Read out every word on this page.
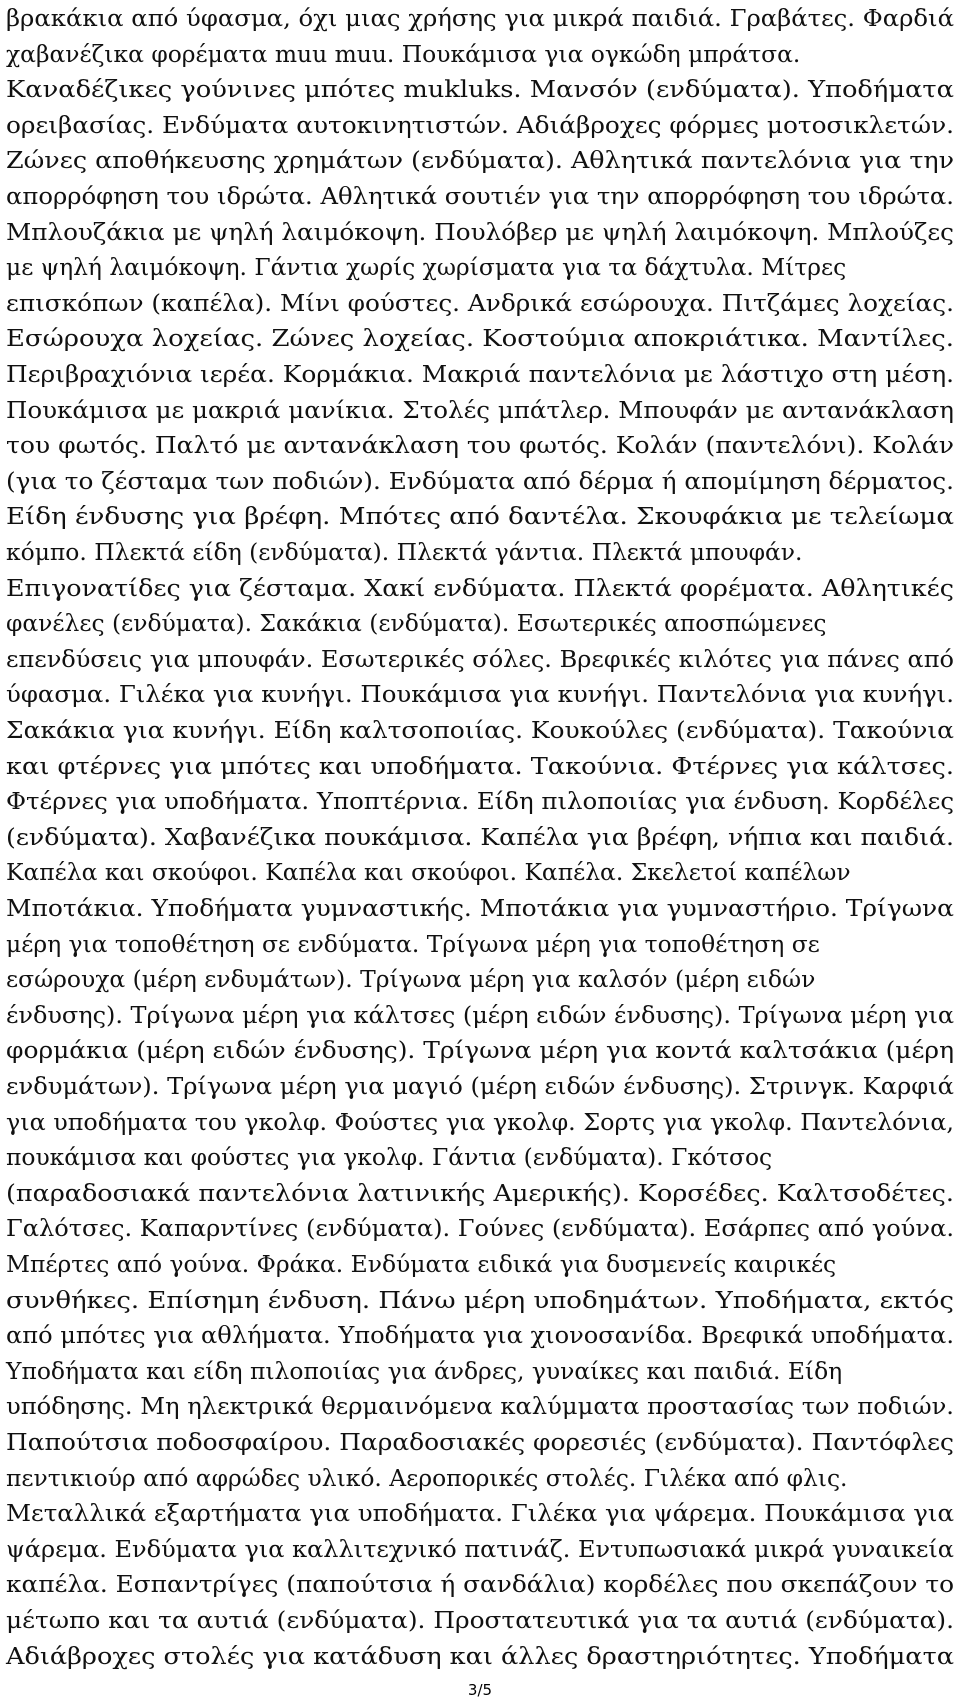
βρακάκια από ύφασμα, όχι μιας χρήσης για μικρά παιδιά. Γραβάτες. Φαρδιά
χαβανέζικα φορέματα muu muu. Πουκάμισα για ογκώδη μπράτσα.
Καναδέζικες γούνινες μπότες mukluks. Μανσόν (ενδύματα). Υποδήματα
ορειβασίας. Ενδύματα αυτοκινητιστών. Αδιάβροχες φόρμες μοτοσικλετών.
Ζώνες αποθήκευσης χρημάτων (ενδύματα). Αθλητικά παντελόνια για την
απορρόφηση του ιδρώτα. Αθλητικά σουτιέν για την απορρόφηση του ιδρώτα.
Μπλουζάκια με ψηλή λαιμόκοψη. Πουλόβερ με ψηλή λαιμόκοψη. Μπλούζες
με ψηλή λαιμόκοψη. Γάντια χωρίς χωρίσματα για τα δάχτυλα. Μίτρες
επισκόπων (καπέλα). Μίνι φούστες. Ανδρικά εσώρουχα. Πιτζάμες λοχείας.
Εσώρουχα λοχείας. Ζώνες λοχείας. Κοστούμια αποκριάτικα. Μαντίλες.
Περιβραχιόνια ιερέα. Κορμάκια. Μακριά παντελόνια με λάστιχο στη μέση.
Πουκάμισα με μακριά μανίκια. Στολές μπάτλερ. Μπουφάν με αντανάκλαση
του φωτός. Παλτό με αντανάκλαση του φωτός. Κολάν (παντελόνι). Κολάν
(για το ζέσταμα των ποδιών). Ενδύματα από δέρμα ή απομίμηση δέρματος.
Είδη ένδυσης για βρέφη. Μπότες από δαντέλα. Σκουφάκια με τελείωμα
κόμπο. Πλεκτά είδη (ενδύματα). Πλεκτά γάντια. Πλεκτά μπουφάν.
Επιγονατίδες για ζέσταμα. Χακί ενδύματα. Πλεκτά φορέματα. Αθλητικές
φανέλες (ενδύματα). Σακάκια (ενδύματα). Εσωτερικές αποσπώμενες
επενδύσεις για μπουφάν. Εσωτερικές σόλες. Βρεφικές κιλότες για πάνες από
ύφασμα. Γιλέκα για κυνήγι. Πουκάμισα για κυνήγι. Παντελόνια για κυνήγι.
Σακάκια για κυνήγι. Είδη καλτσοποιίας. Κουκούλες (ενδύματα). Τακούνια
και φτέρνες για μπότες και υποδήματα. Τακούνια. Φτέρνες για κάλτσες.
Φτέρνες για υποδήματα. Υποπτέρνια. Είδη πιλοποιίας για ένδυση. Κορδέλες
(ενδύματα). Χαβανέζικα πουκάμισα. Καπέλα για βρέφη, νήπια και παιδιά.
Καπέλα και σκούφοι. Καπέλα και σκούφοι. Καπέλα. Σκελετοί καπέλων
Μποτάκια. Υποδήματα γυμναστικής. Μποτάκια για γυμναστήριο. Τρίγωνα
μέρη για τοποθέτηση σε ενδύματα. Τρίγωνα μέρη για τοποθέτηση σε
εσώρουχα (μέρη ενδυμάτων). Τρίγωνα μέρη για καλσόν (μέρη ειδών
ένδυσης). Τρίγωνα μέρη για κάλτσες (μέρη ειδών ένδυσης). Τρίγωνα μέρη για
φορμάκια (μέρη ειδών ένδυσης). Τρίγωνα μέρη για κοντά καλτσάκια (μέρη
ενδυμάτων). Τρίγωνα μέρη για μαγιό (μέρη ειδών ένδυσης). Στρινγκ. Καρφιά
για υποδήματα του γκολφ. Φούστες για γκολφ. Σορτς για γκολφ. Παντελόνια,
πουκάμισα και φούστες για γκολφ. Γάντια (ενδύματα). Γκότσος
(παραδοσιακά παντελόνια λατινικής Αμερικής). Κορσέδες. Καλτσοδέτες.
Γαλότσες. Καπαρντίνες (ενδύματα). Γούνες (ενδύματα). Εσάρπες από γούνα.
Μπέρτες από γούνα. Φράκα. Ενδύματα ειδικά για δυσμενείς καιρικές
συνθήκες. Επίσημη ένδυση. Πάνω μέρη υποδημάτων. Υποδήματα, εκτός
από μπότες για αθλήματα. Υποδήματα για χιονοσανίδα. Βρεφικά υποδήματα.
Υποδήματα και είδη πιλοποιίας για άνδρες, γυναίκες και παιδιά. Είδη
υπόδησης. Μη ηλεκτρικά θερμαινόμενα καλύμματα προστασίας των ποδιών.
Παπούτσια ποδοσφαίρου. Παραδοσιακές φορεσιές (ενδύματα). Παντόφλες
πεντικιούρ από αφρώδες υλικό. Αεροπορικές στολές. Γιλέκα από φλις.
Μεταλλικά εξαρτήματα για υποδήματα. Γιλέκα για ψάρεμα. Πουκάμισα για
ψάρεμα. Ενδύματα για καλλιτεχνικό πατινάζ. Εντυπωσιακά μικρά γυναικεία
καπέλα. Εσπαντρίγες (παπούτσια ή σανδάλια) κορδέλες που σκεπάζουν το
μέτωπο και τα αυτιά (ενδύματα). Προστατευτικά για τα αυτιά (ενδύματα).
Αδιάβροχες στολές για κατάδυση και άλλες δραστηριότητες. Υποδήματα
3/5
